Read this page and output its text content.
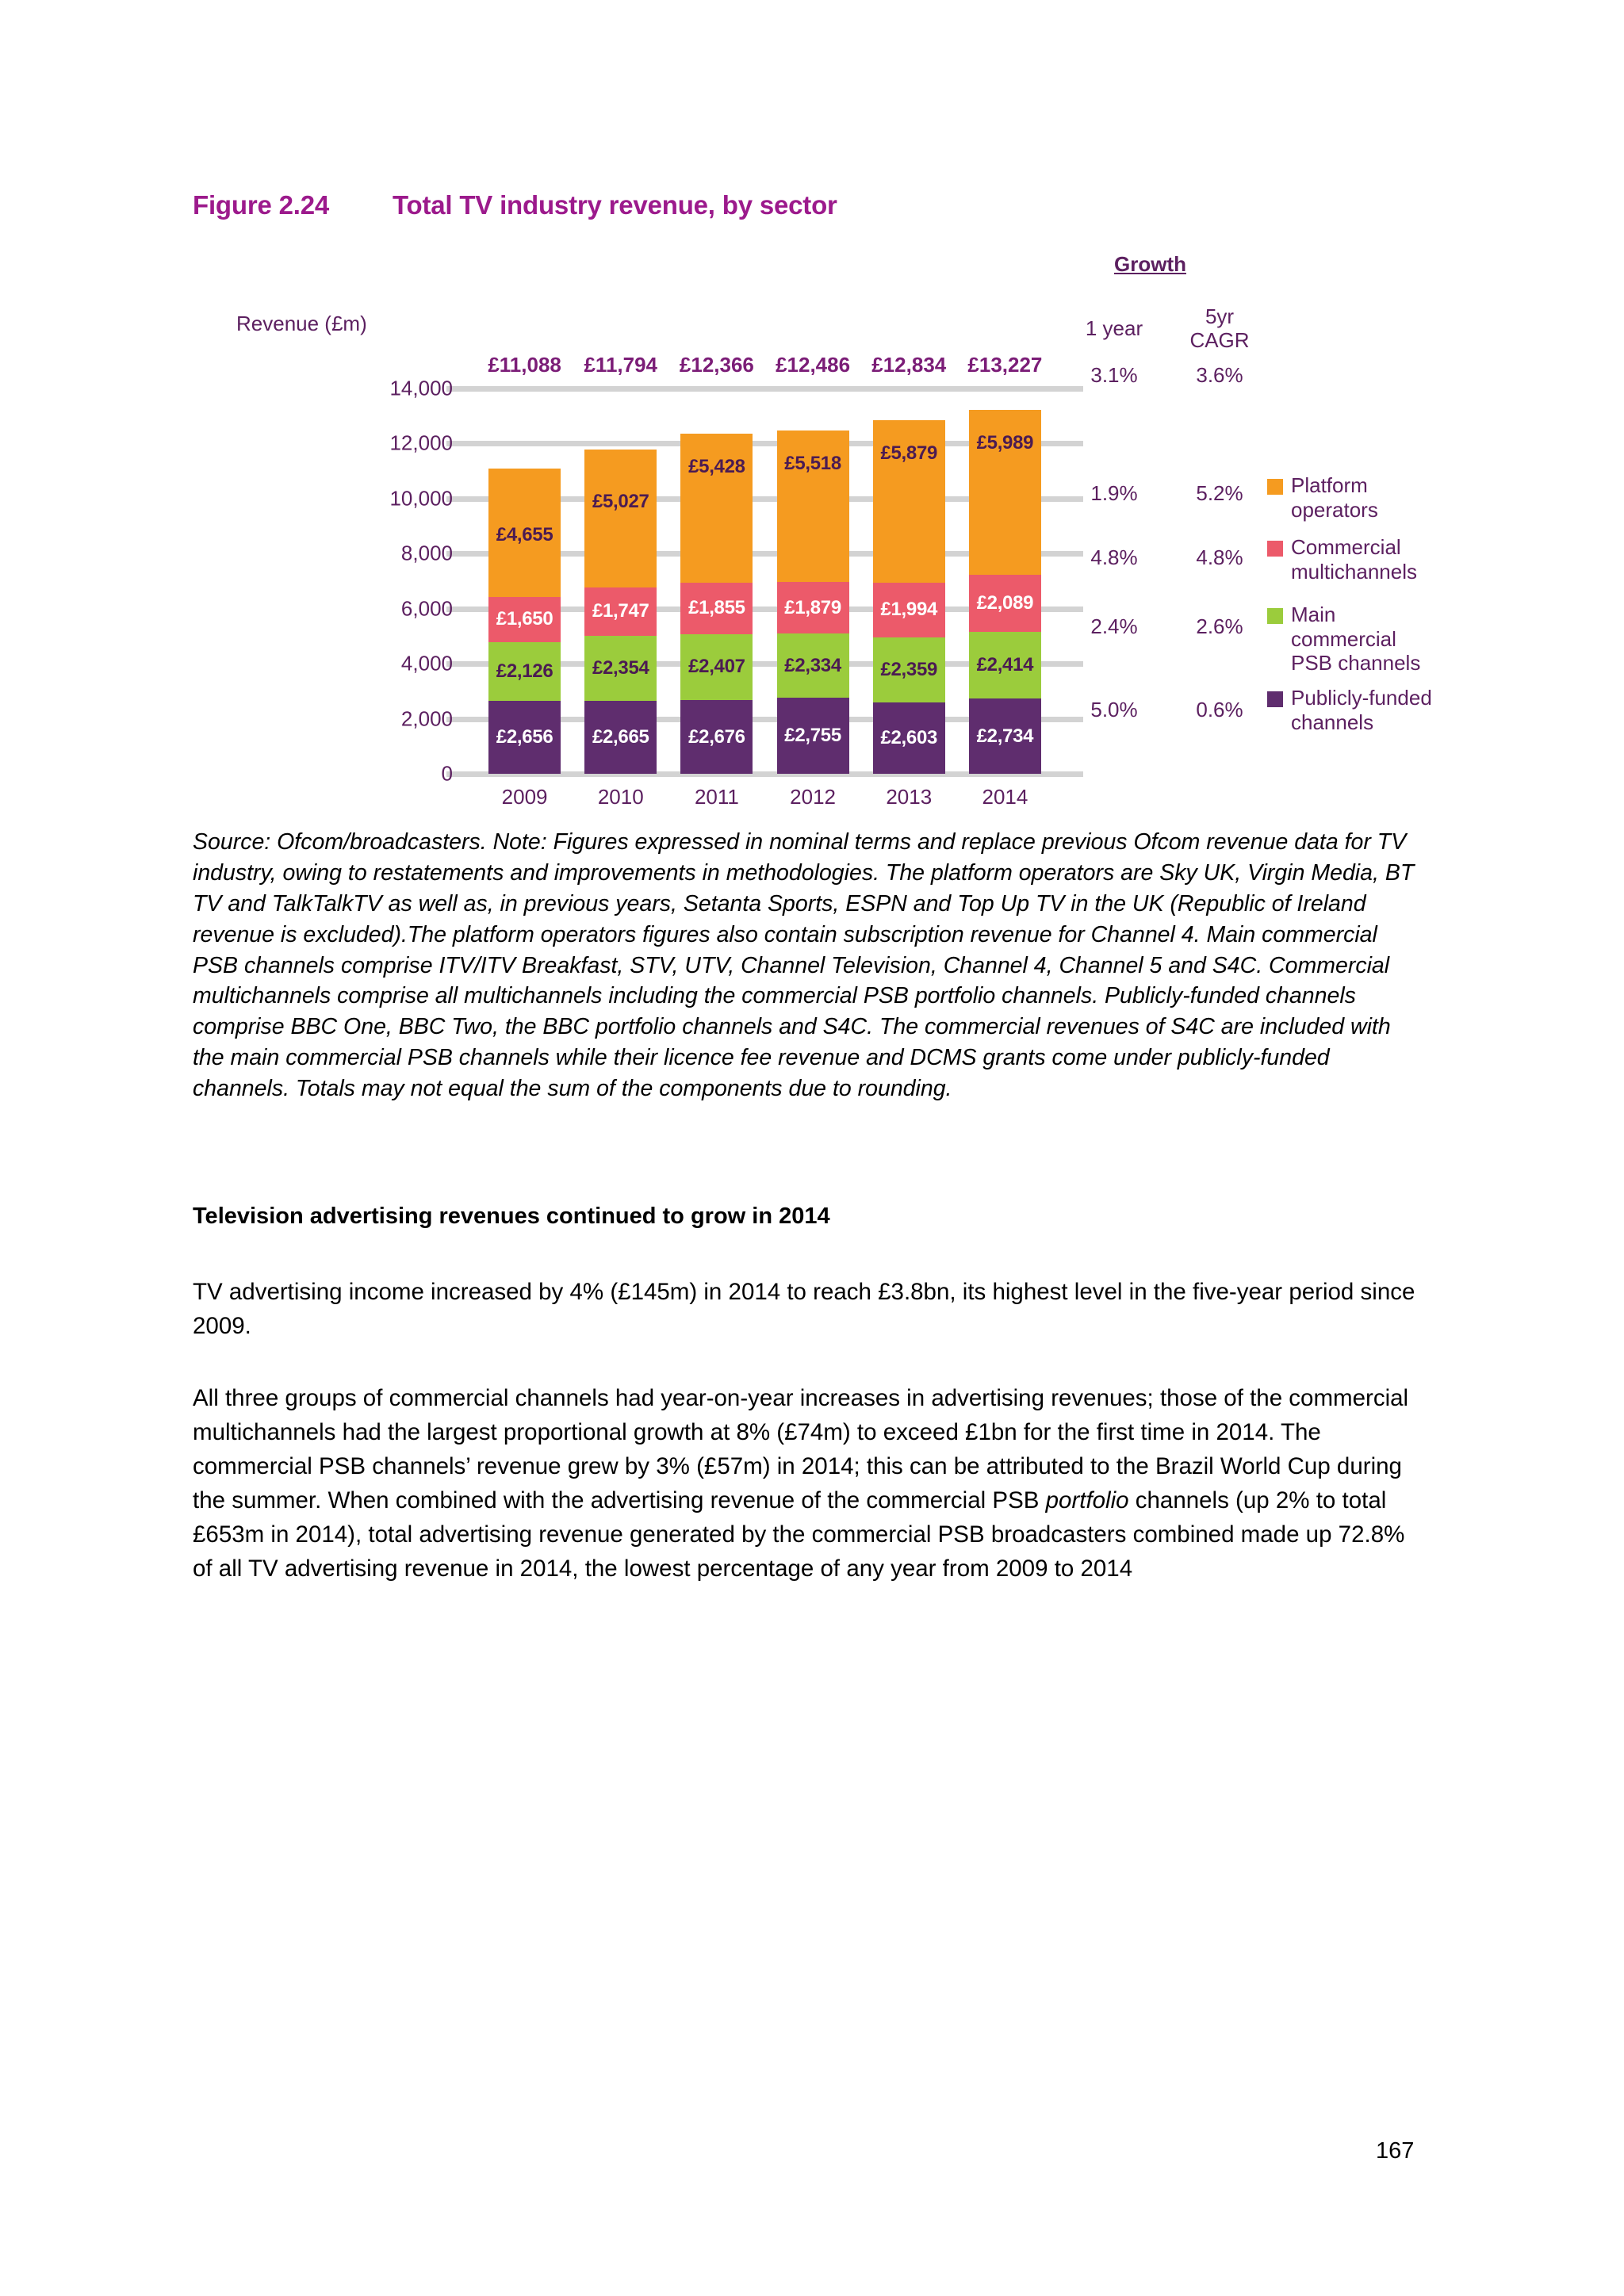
Figure 2.24 Total TV industry revenue, by sector
Revenue (£m)
14,000
12,000
10,000
8,000
6,000
4,000
2,000
0
£11,088	£11,794	£12,366	£12,486	£12,834	£13,227
£2,656
£2,126
£1,650
£4,655
£2,665
£2,354
£1,747
£5,027
£2,676
£2,407
£1,855
£5,428
£2,755
£2,334
£1,879
£5,518
£2,603
£2,359
£1,994
£5,879
£2,734
£2,414
£2,089
£5,989
2009	2010	2011	2012	2013	2014
Growth
1 year	5yr
CAGR
3.1%	3.6%
1.9%	5.2%
4.8%	4.8%
2.4%	2.6%
5.0%	0.6%
Platform
operators
Commercial
multichannels
Main
commercial
PSB channels
Publicly-funded
channels
Source: Ofcom/broadcasters. Note: Figures expressed in nominal terms and replace previous Ofcom revenue data for TV industry, owing to restatements and improvements in methodologies. The platform operators are Sky UK, Virgin Media, BT TV and TalkTalkTV as well as, in previous years, Setanta Sports, ESPN and Top Up TV in the UK (Republic of Ireland revenue is excluded).The platform operators figures also contain subscription revenue for Channel 4. Main commercial PSB channels comprise ITV/ITV Breakfast, STV, UTV, Channel Television, Channel 4, Channel 5 and S4C. Commercial multichannels comprise all multichannels including the commercial PSB portfolio channels. Publicly-funded channels comprise BBC One, BBC Two, the BBC portfolio channels and S4C. The commercial revenues of S4C are included with the main commercial PSB channels while their licence fee revenue and DCMS grants come under publicly-funded channels. Totals may not equal the sum of the components due to rounding.
Television advertising revenues continued to grow in 2014
TV advertising income increased by 4% (£145m) in 2014 to reach £3.8bn, its highest level in the five-year period since 2009.
All three groups of commercial channels had year-on-year increases in advertising revenues; those of the commercial multichannels had the largest proportional growth at 8% (£74m) to exceed £1bn for the first time in 2014. The commercial PSB channels’ revenue grew by 3% (£57m) in 2014; this can be attributed to the Brazil World Cup during the summer. When combined with the advertising revenue of the commercial PSB portfolio channels (up 2% to total £653m in 2014), total advertising revenue generated by the commercial PSB broadcasters combined made up 72.8% of all TV advertising revenue in 2014, the lowest percentage of any year from 2009 to 2014
167
